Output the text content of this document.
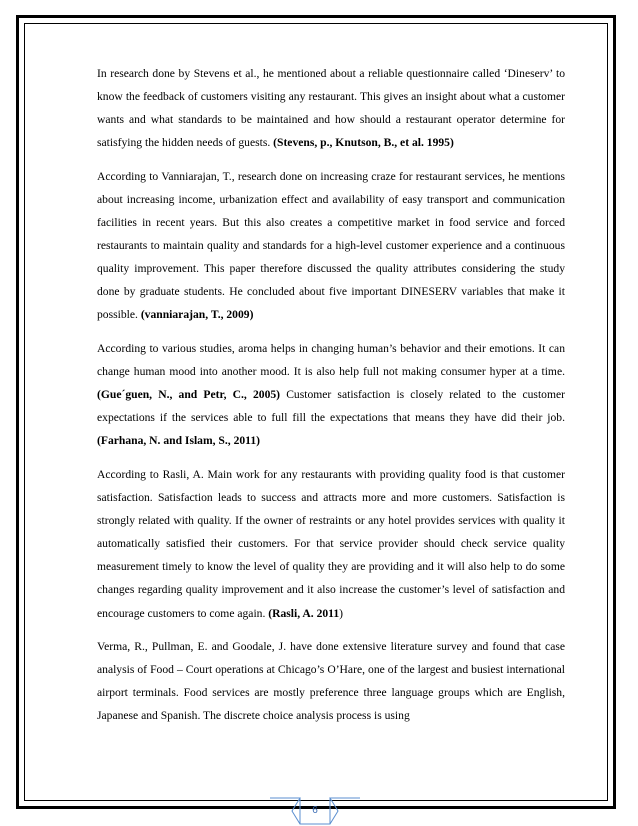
In research done by Stevens et al., he mentioned about a reliable questionnaire called ‘Dineserv’ to know the feedback of customers visiting any restaurant. This gives an insight about what a customer wants and what standards to be maintained and how should a restaurant operator determine for satisfying the hidden needs of guests. (Stevens, p., Knutson, B., et al. 1995)

According to Vanniarajan, T., research done on increasing craze for restaurant services, he mentions about increasing income, urbanization effect and availability of easy transport and communication facilities in recent years. But this also creates a competitive market in food service and forced restaurants to maintain quality and standards for a high-level customer experience and a continuous quality improvement. This paper therefore discussed the quality attributes considering the study done by graduate students. He concluded about five important DINESERV variables that make it possible. (vanniarajan, T., 2009)

According to various studies, aroma helps in changing human’s behavior and their emotions. It can change human mood into another mood. It is also help full not making consumer hyper at a time.(Gue´guen, N., and Petr, C., 2005) Customer satisfaction is closely related to the customer expectations if the services able to full fill the expectations that means they have did their job.(Farhana, N. and Islam, S., 2011)

According to Rasli, A. Main work for any restaurants with providing quality food is that customer satisfaction. Satisfaction leads to success and attracts more and more customers. Satisfaction is strongly related with quality. If the owner of restraints or any hotel provides services with quality it automatically satisfied their customers. For that service provider should check service quality measurement timely to know the level of quality they are providing and it will also help to do some changes regarding quality improvement and it also increase the customer’s level of satisfaction and encourage customers to come again. (Rasli, A. 2011)

Verma, R., Pullman, E. and Goodale, J. have done extensive literature survey and found that case analysis of Food – Court operations at Chicago’s O’Hare, one of the largest and busiest international airport terminals. Food services are mostly preference three language groups which are English, Japanese and Spanish. The discrete choice analysis process is using

6
